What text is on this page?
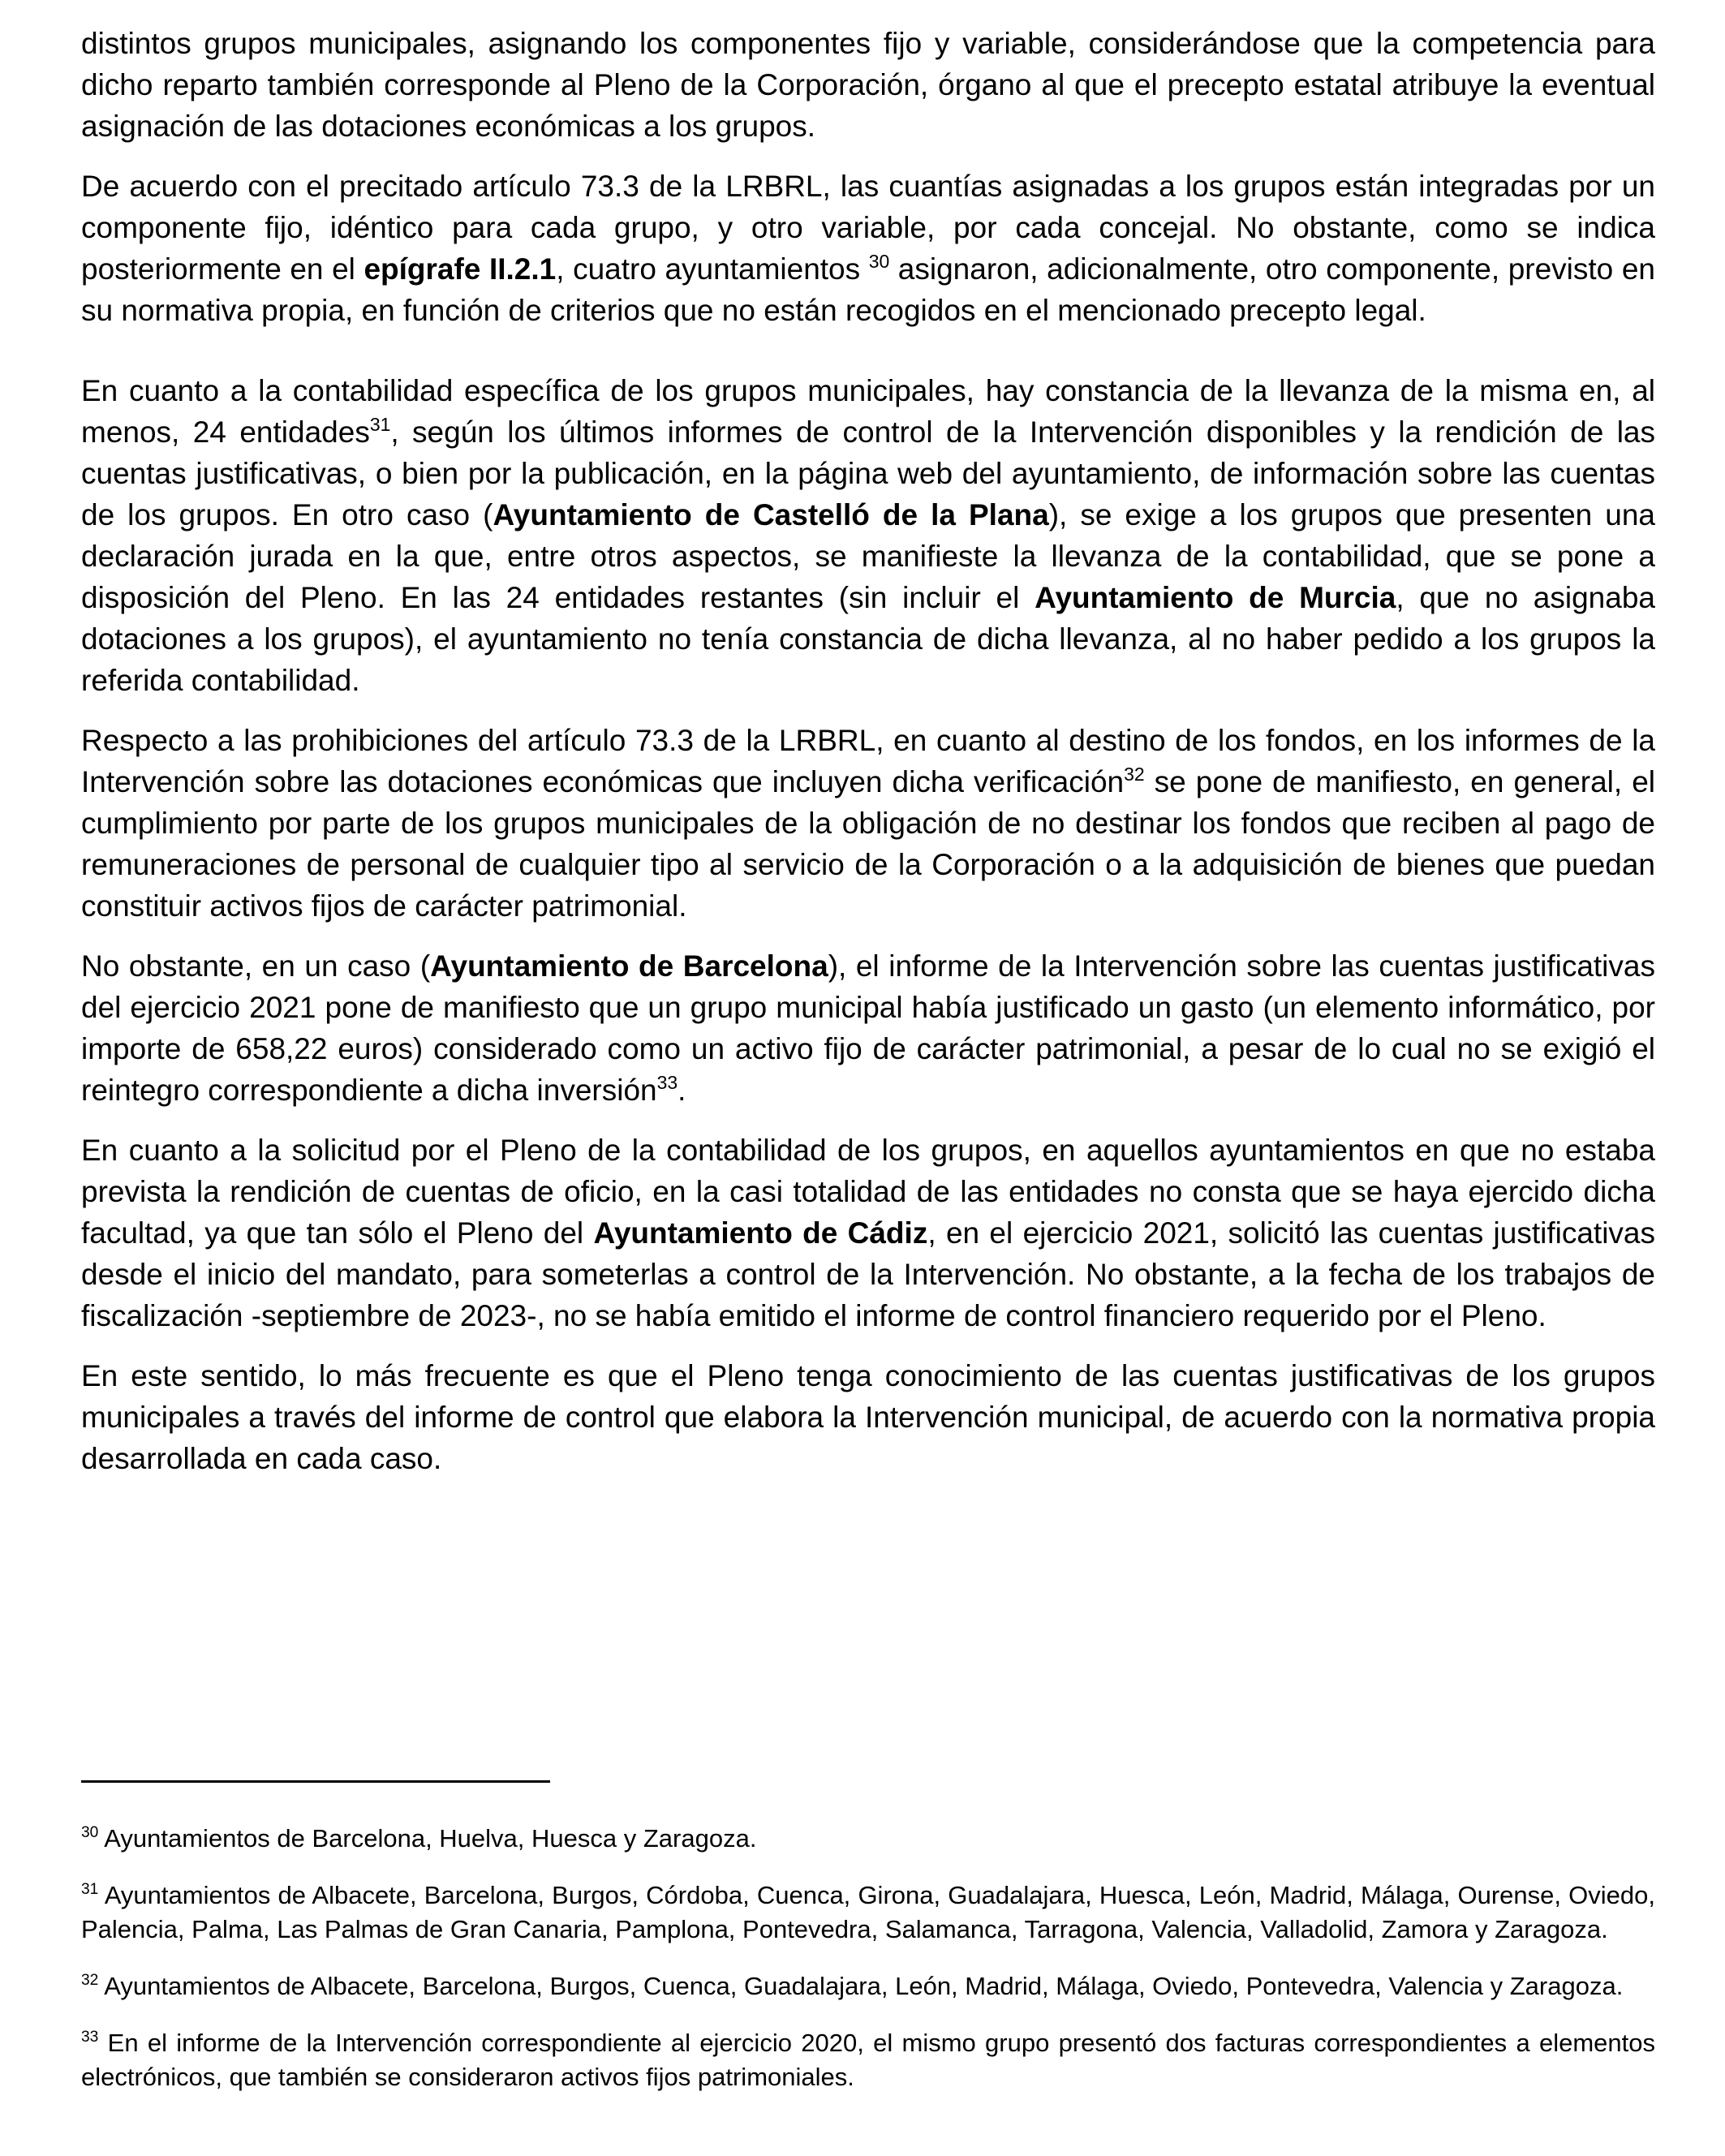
distintos grupos municipales, asignando los componentes fijo y variable, considerándose que la competencia para dicho reparto también corresponde al Pleno de la Corporación, órgano al que el precepto estatal atribuye la eventual asignación de las dotaciones económicas a los grupos.

De acuerdo con el precitado artículo 73.3 de la LRBRL, las cuantías asignadas a los grupos están integradas por un componente fijo, idéntico para cada grupo, y otro variable, por cada concejal. No obstante, como se indica posteriormente en el epígrafe II.2.1, cuatro ayuntamientos $^{30}$ asignaron, adicionalmente, otro componente, previsto en su normativa propia, en función de criterios que no están recogidos en el mencionado precepto legal.

En cuanto a la contabilidad específica de los grupos municipales, hay constancia de la llevanza de la misma en, al menos, 24 entidades$^{31}$, según los últimos informes de control de la Intervención disponibles y la rendición de las cuentas justificativas, o bien por la publicación, en la página web del ayuntamiento, de información sobre las cuentas de los grupos. En otro caso (Ayuntamiento de Castelló de la Plana), se exige a los grupos que presenten una declaración jurada en la que, entre otros aspectos, se manifieste la llevanza de la contabilidad, que se pone a disposición del Pleno. En las 24 entidades restantes (sin incluir el Ayuntamiento de Murcia, que no asignaba dotaciones a los grupos), el ayuntamiento no tenía constancia de dicha llevanza, al no haber pedido a los grupos la referida contabilidad.

Respecto a las prohibiciones del artículo 73.3 de la LRBRL, en cuanto al destino de los fondos, en los informes de la Intervención sobre las dotaciones económicas que incluyen dicha verificación$^{32}$ se pone de manifiesto, en general, el cumplimiento por parte de los grupos municipales de la obligación de no destinar los fondos que reciben al pago de remuneraciones de personal de cualquier tipo al servicio de la Corporación o a la adquisición de bienes que puedan constituir activos fijos de carácter patrimonial.

No obstante, en un caso (Ayuntamiento de Barcelona), el informe de la Intervención sobre las cuentas justificativas del ejercicio 2021 pone de manifiesto que un grupo municipal había justificado un gasto (un elemento informático, por importe de 658,22 euros) considerado como un activo fijo de carácter patrimonial, a pesar de lo cual no se exigió el reintegro correspondiente a dicha inversión$^{33}$.

En cuanto a la solicitud por el Pleno de la contabilidad de los grupos, en aquellos ayuntamientos en que no estaba prevista la rendición de cuentas de oficio, en la casi totalidad de las entidades no consta que se haya ejercido dicha facultad, ya que tan sólo el Pleno del Ayuntamiento de Cádiz, en el ejercicio 2021, solicitó las cuentas justificativas desde el inicio del mandato, para someterlas a control de la Intervención. No obstante, a la fecha de los trabajos de fiscalización -septiembre de 2023-, no se había emitido el informe de control financiero requerido por el Pleno.

En este sentido, lo más frecuente es que el Pleno tenga conocimiento de las cuentas justificativas de los grupos municipales a través del informe de control que elabora la Intervención municipal, de acuerdo con la normativa propia desarrollada en cada caso.

$^{30}$ Ayuntamientos de Barcelona, Huelva, Huesca y Zaragoza.

$^{31}$ Ayuntamientos de Albacete, Barcelona, Burgos, Córdoba, Cuenca, Girona, Guadalajara, Huesca, León, Madrid, Málaga, Ourense, Oviedo, Palencia, Palma, Las Palmas de Gran Canaria, Pamplona, Pontevedra, Salamanca, Tarragona, Valencia, Valladolid, Zamora y Zaragoza.

$^{32}$ Ayuntamientos de Albacete, Barcelona, Burgos, Cuenca, Guadalajara, León, Madrid, Málaga, Oviedo, Pontevedra, Valencia y Zaragoza.

$^{33}$ En el informe de la Intervención correspondiente al ejercicio 2020, el mismo grupo presentó dos facturas correspondientes a elementos electrónicos, que también se consideraron activos fijos patrimoniales.
